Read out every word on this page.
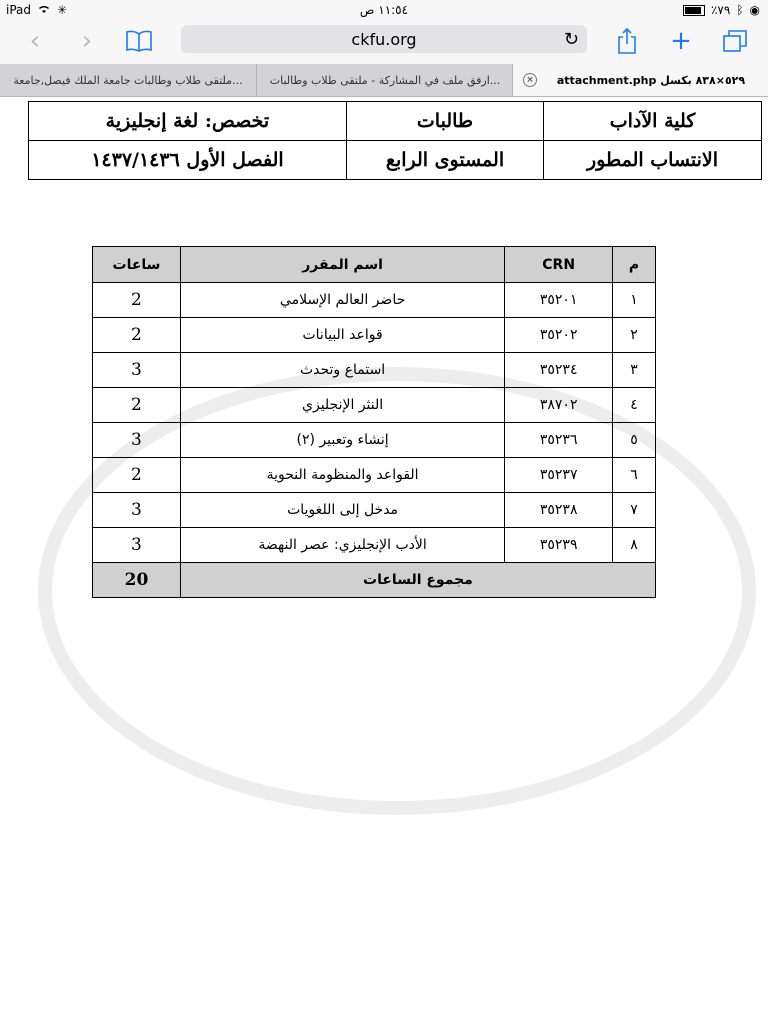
iPad ✳	١١:٥٤ ص	٪٧٩ ᛒ ◉
‹ ›	ckfu.org	↻	+
ملتقى طلاب وطالبات جامعة الملك فيصل,جامعة... ارفق ملف في المشاركة - ملتقى طلاب وطالبات...	× attachment.php ٥٢٩×٨٣٨ بكسل
كلية الآداب	طالبات	تخصص: لغة إنجليزية
الانتساب المطور	المستوى الرابع	الفصل الأول ١٤٣٧/١٤٣٦
م	CRN	اسم المقرر	ساعات
١	٣٥٢٠١	حاضر العالم الإسلامي	2
٢	٣٥٢٠٢	قواعد البيانات	2
٣	٣٥٢٣٤	استماع وتحدث	3
٤	٣٨٧٠٢	النثر الإنجليزي	2
٥	٣٥٢٣٦	إنشاء وتعبير (٢)	3
٦	٣٥٢٣٧	القواعد والمنظومة النحوية	2
٧	٣٥٢٣٨	مدخل إلى اللغويات	3
٨	٣٥٢٣٩	الأدب الإنجليزي: عصر النهضة	3
مجموع الساعات			20
